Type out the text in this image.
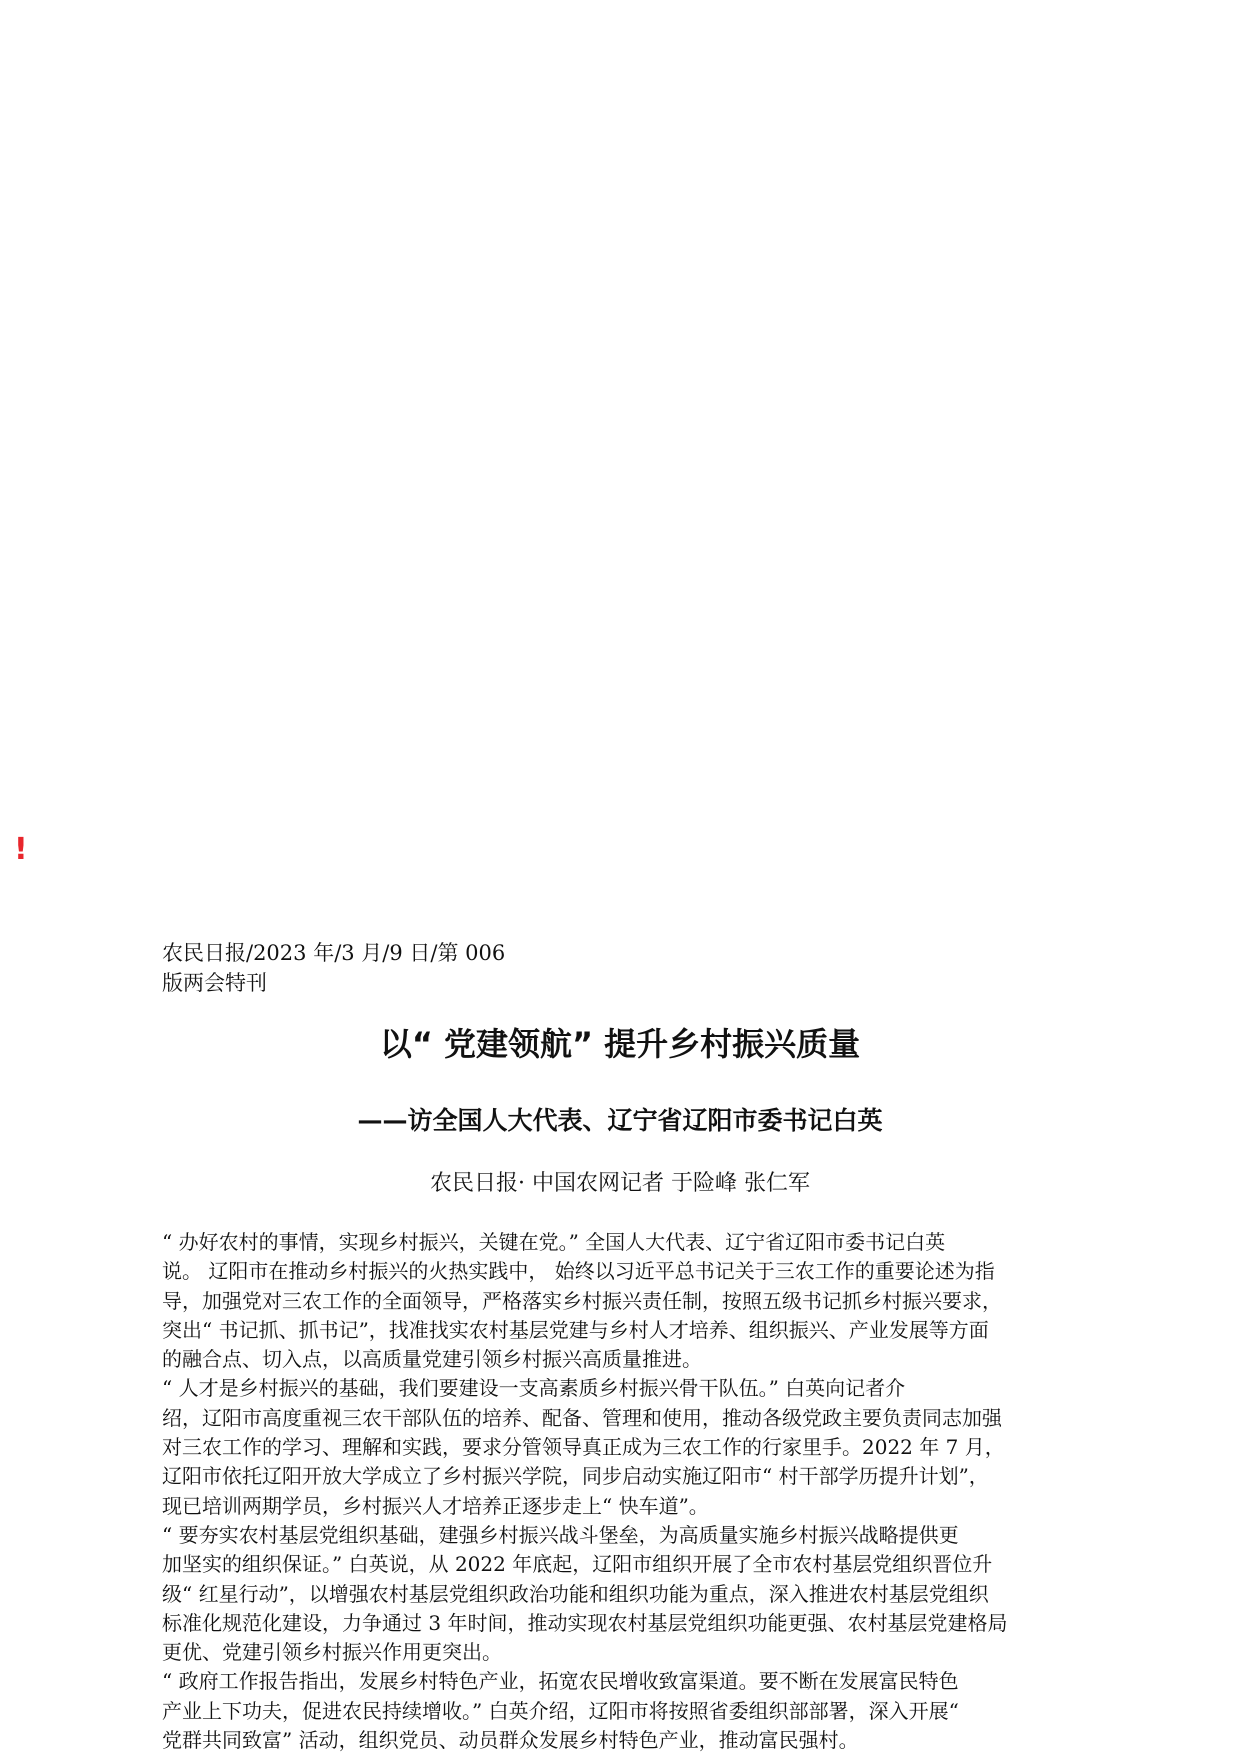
!
农民日报/2023 年/3 月/9 日/第 006
版两会特刊
以“ 党建领航” 提升乡村振兴质量
——访全国人大代表、辽宁省辽阳市委书记白英
农民日报· 中国农网记者 于险峰 张仁军
“ 办好农村的事情，实现乡村振兴，关键在党。” 全国人大代表、辽宁省辽阳市委书记白英
说。 辽阳市在推动乡村振兴的火热实践中， 始终以习近平总书记关于三农工作的重要论述为指
导，加强党对三农工作的全面领导，严格落实乡村振兴责任制，按照五级书记抓乡村振兴要求，
突出“ 书记抓、抓书记”，找准找实农村基层党建与乡村人才培养、组织振兴、产业发展等方面
的融合点、切入点，以高质量党建引领乡村振兴高质量推进。
“ 人才是乡村振兴的基础，我们要建设一支高素质乡村振兴骨干队伍。” 白英向记者介
绍，辽阳市高度重视三农干部队伍的培养、配备、管理和使用，推动各级党政主要负责同志加强
对三农工作的学习、理解和实践，要求分管领导真正成为三农工作的行家里手。2022 年 7 月，
辽阳市依托辽阳开放大学成立了乡村振兴学院，同步启动实施辽阳市“ 村干部学历提升计划”，
现已培训两期学员，乡村振兴人才培养正逐步走上“ 快车道”。
“ 要夯实农村基层党组织基础，建强乡村振兴战斗堡垒，为高质量实施乡村振兴战略提供更
加坚实的组织保证。” 白英说，从 2022 年底起，辽阳市组织开展了全市农村基层党组织晋位升
级“ 红星行动”，以增强农村基层党组织政治功能和组织功能为重点，深入推进农村基层党组织
标准化规范化建设，力争通过 3 年时间，推动实现农村基层党组织功能更强、农村基层党建格局
更优、党建引领乡村振兴作用更突出。
“ 政府工作报告指出，发展乡村特色产业，拓宽农民增收致富渠道。要不断在发展富民特色
产业上下功夫，促进农民持续增收。” 白英介绍，辽阳市将按照省委组织部部署，深入开展“
党群共同致富” 活动，组织党员、动员群众发展乡村特色产业，推动富民强村。
